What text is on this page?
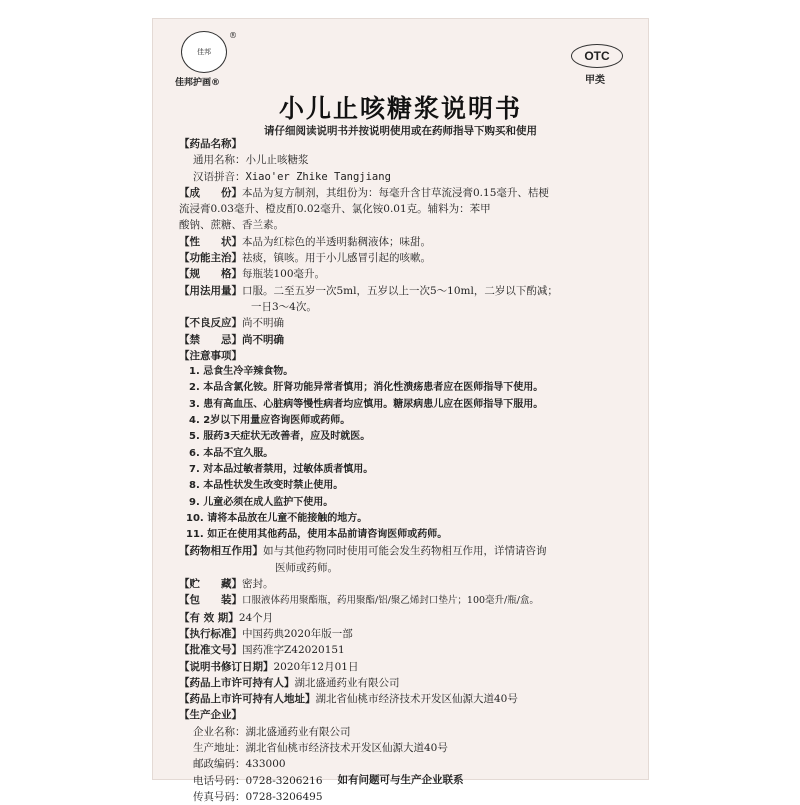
佳邦
®
佳邦护画®
OTC
甲类
小儿止咳糖浆说明书
请仔细阅读说明书并按说明使用或在药师指导下购买和使用
【药品名称】
通用名称：小儿止咳糖浆
汉语拼音：Xiao'er Zhike Tangjiang
【成　　份】本品为复方制剂，其组份为：每毫升含甘草流浸膏0.15毫升、桔梗
流浸膏0.03毫升、橙皮酊0.02毫升、氯化铵0.01克。辅料为：苯甲
酸钠、蔗糖、香兰素。
【性　　状】本品为红棕色的半透明黏稠液体；味甜。
【功能主治】祛痰，镇咳。用于小儿感冒引起的咳嗽。
【规　　格】每瓶装100毫升。
【用法用量】口服。二至五岁一次5ml，五岁以上一次5～10ml，二岁以下酌减；
一日3～4次。
【不良反应】尚不明确
【禁　　忌】尚不明确
【注意事项】
1. 忌食生冷辛辣食物。
2. 本品含氯化铵。肝肾功能异常者慎用；消化性溃疡患者应在医师指导下使用。
3. 患有高血压、心脏病等慢性病者均应慎用。糖尿病患儿应在医师指导下服用。
4. 2岁以下用量应咨询医师或药师。
5. 服药3天症状无改善者，应及时就医。
6. 本品不宜久服。
7. 对本品过敏者禁用，过敏体质者慎用。
8. 本品性状发生改变时禁止使用。
9. 儿童必须在成人监护下使用。
10. 请将本品放在儿童不能接触的地方。
11. 如正在使用其他药品，使用本品前请咨询医师或药师。
【药物相互作用】如与其他药物同时使用可能会发生药物相互作用，详情请咨询
医师或药师。
【贮　　藏】密封。
【包　　装】口服液体药用聚酯瓶，药用聚酯/铝/聚乙烯封口垫片；100毫升/瓶/盒。
【有 效 期】24个月
【执行标准】中国药典2020年版一部
【批准文号】国药准字Z42020151
【说明书修订日期】2020年12月01日
【药品上市许可持有人】湖北盛通药业有限公司
【药品上市许可持有人地址】湖北省仙桃市经济技术开发区仙源大道40号
【生产企业】
企业名称：湖北盛通药业有限公司
生产地址：湖北省仙桃市经济技术开发区仙源大道40号
邮政编码：433000
电话号码：0728-3206216
传真号码：0728-3206495
如有问题可与生产企业联系
